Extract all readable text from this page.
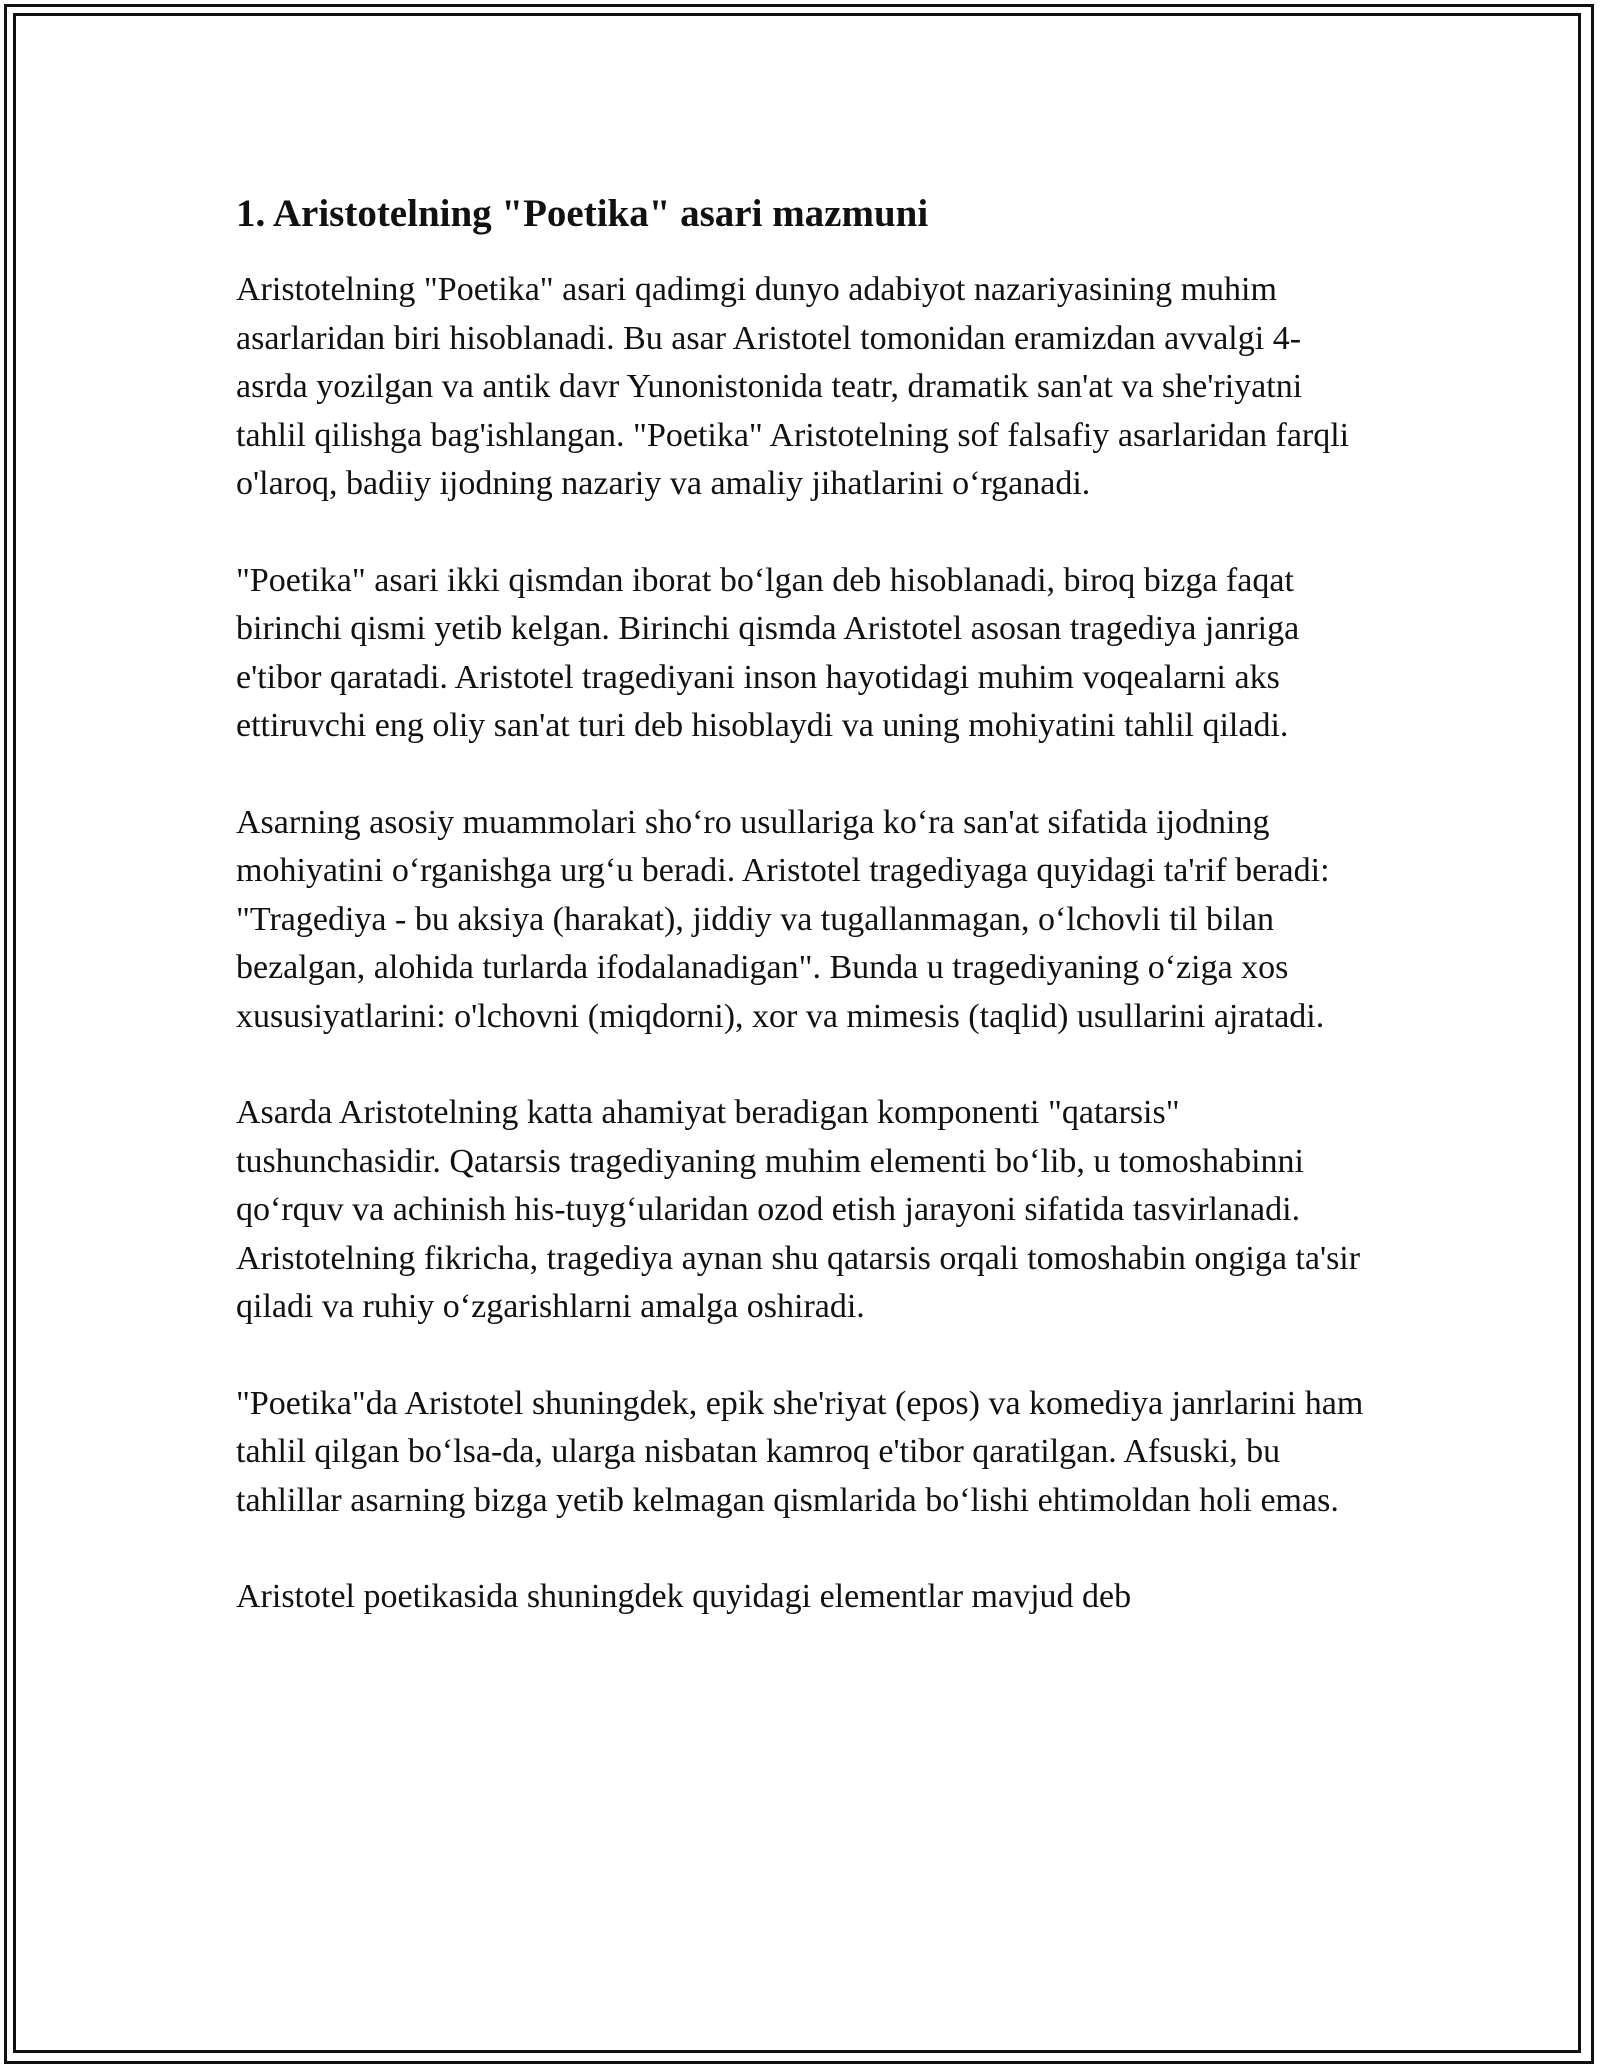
1. Aristotelning "Poetika" asari mazmuni

Aristotelning "Poetika" asari qadimgi dunyo adabiyot nazariyasining muhim asarlaridan biri hisoblanadi. Bu asar Aristotel tomonidan eramizdan avvalgi 4-asrda yozilgan va antik davr Yunonistonida teatr, dramatik san'at va she'riyatni tahlil qilishga bag'ishlangan. "Poetika" Aristotelning sof falsafiy asarlaridan farqli o'laroq, badiiy ijodning nazariy va amaliy jihatlarini o‘rganadi.

"Poetika" asari ikki qismdan iborat bo‘lgan deb hisoblanadi, biroq bizga faqat birinchi qismi yetib kelgan. Birinchi qismda Aristotel asosan tragediya janriga e'tibor qaratadi. Aristotel tragediyani inson hayotidagi muhim voqealarni aks ettiruvchi eng oliy san'at turi deb hisoblaydi va uning mohiyatini tahlil qiladi.

Asarning asosiy muammolari sho‘ro usullariga ko‘ra san'at sifatida ijodning mohiyatini o‘rganishga urg‘u beradi. Aristotel tragediyaga quyidagi ta'rif beradi: "Tragediya - bu aksiya (harakat), jiddiy va tugallanmagan, o‘lchovli til bilan bezalgan, alohida turlarda ifodalanadigan". Bunda u tragediyaning o‘ziga xos xususiyatlarini: o'lchovni (miqdorni), xor va mimesis (taqlid) usullarini ajratadi.

Asarda Aristotelning katta ahamiyat beradigan komponenti "qatarsis" tushunchasidir. Qatarsis tragediyaning muhim elementi bo‘lib, u tomoshabinni qo‘rquv va achinish his-tuyg‘ularidan ozod etish jarayoni sifatida tasvirlanadi. Aristotelning fikricha, tragediya aynan shu qatarsis orqali tomoshabin ongiga ta'sir qiladi va ruhiy o‘zgarishlarni amalga oshiradi.

"Poetika"da Aristotel shuningdek, epik she'riyat (epos) va komediya janrlarini ham tahlil qilgan bo‘lsa-da, ularga nisbatan kamroq e'tibor qaratilgan. Afsuski, bu tahlillar asarning bizga yetib kelmagan qismlarida bo‘lishi ehtimoldan holi emas.

Aristotel poetikasida shuningdek quyidagi elementlar mavjud deb
